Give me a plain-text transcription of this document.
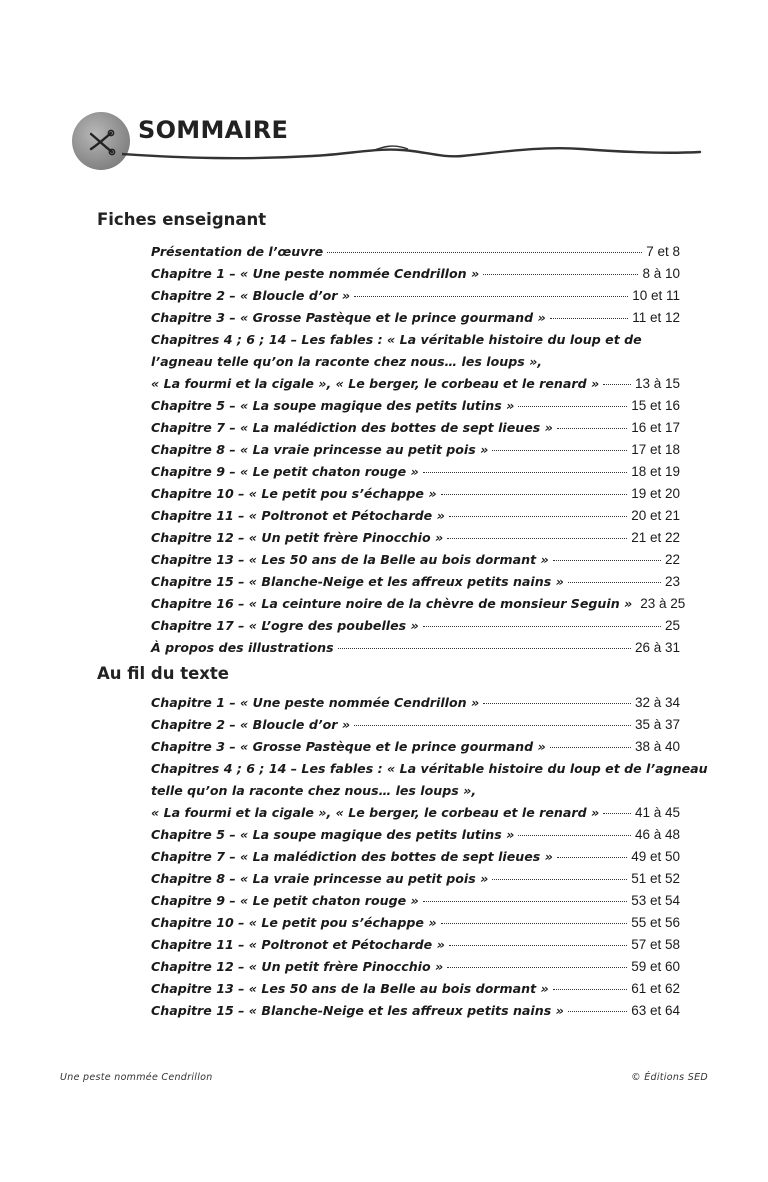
SOMMAIRE
Fiches enseignant
Présentation de l’œuvre	7 et 8
Chapitre 1 – « Une peste nommée Cendrillon »	8 à 10
Chapitre 2 – « Bloucle d’or »	10 et 11
Chapitre 3 – « Grosse Pastèque et le prince gourmand »	11 et 12
Chapitres 4 ; 6 ; 14 – Les fables : « La véritable histoire du loup et de
l’agneau telle qu’on la raconte chez nous… les loups »,
« La fourmi et la cigale », « Le berger, le corbeau et le renard »	13 à 15
Chapitre 5 – « La soupe magique des petits lutins »	15 et 16
Chapitre 7 – « La malédiction des bottes de sept lieues »	16 et 17
Chapitre 8 – « La vraie princesse au petit pois »	17 et 18
Chapitre 9 – « Le petit chaton rouge »	18 et 19
Chapitre 10 – « Le petit pou s’échappe »	19 et 20
Chapitre 11 – « Poltronot et Pétocharde »	20 et 21
Chapitre 12 – « Un petit frère Pinocchio »	21 et 22
Chapitre 13 – « Les 50 ans de la Belle au bois dormant »	22
Chapitre 15 – « Blanche-Neige et les affreux petits nains »	23
Chapitre 16 – « La ceinture noire de la chèvre de monsieur Seguin » 23 à 25
Chapitre 17 – « L’ogre des poubelles »	25
À propos des illustrations	26 à 31
Au fil du texte
Chapitre 1 – « Une peste nommée Cendrillon »	32 à 34
Chapitre 2 – « Bloucle d’or »	35 à 37
Chapitre 3 – « Grosse Pastèque et le prince gourmand »	38 à 40
Chapitres 4 ; 6 ; 14 – Les fables : « La véritable histoire du loup et de l’agneau
telle qu’on la raconte chez nous… les loups »,
« La fourmi et la cigale », « Le berger, le corbeau et le renard »	41 à 45
Chapitre 5 – « La soupe magique des petits lutins »	46 à 48
Chapitre 7 – « La malédiction des bottes de sept lieues »	49 et 50
Chapitre 8 – « La vraie princesse au petit pois »	51 et 52
Chapitre 9 – « Le petit chaton rouge »	53 et 54
Chapitre 10 – « Le petit pou s’échappe »	55 et 56
Chapitre 11 – « Poltronot et Pétocharde »	57 et 58
Chapitre 12 – « Un petit frère Pinocchio »	59 et 60
Chapitre 13 – « Les 50 ans de la Belle au bois dormant »	61 et 62
Chapitre 15 – « Blanche-Neige et les affreux petits nains »	63 et 64
Une peste nommée Cendrillon	© Éditions SED
